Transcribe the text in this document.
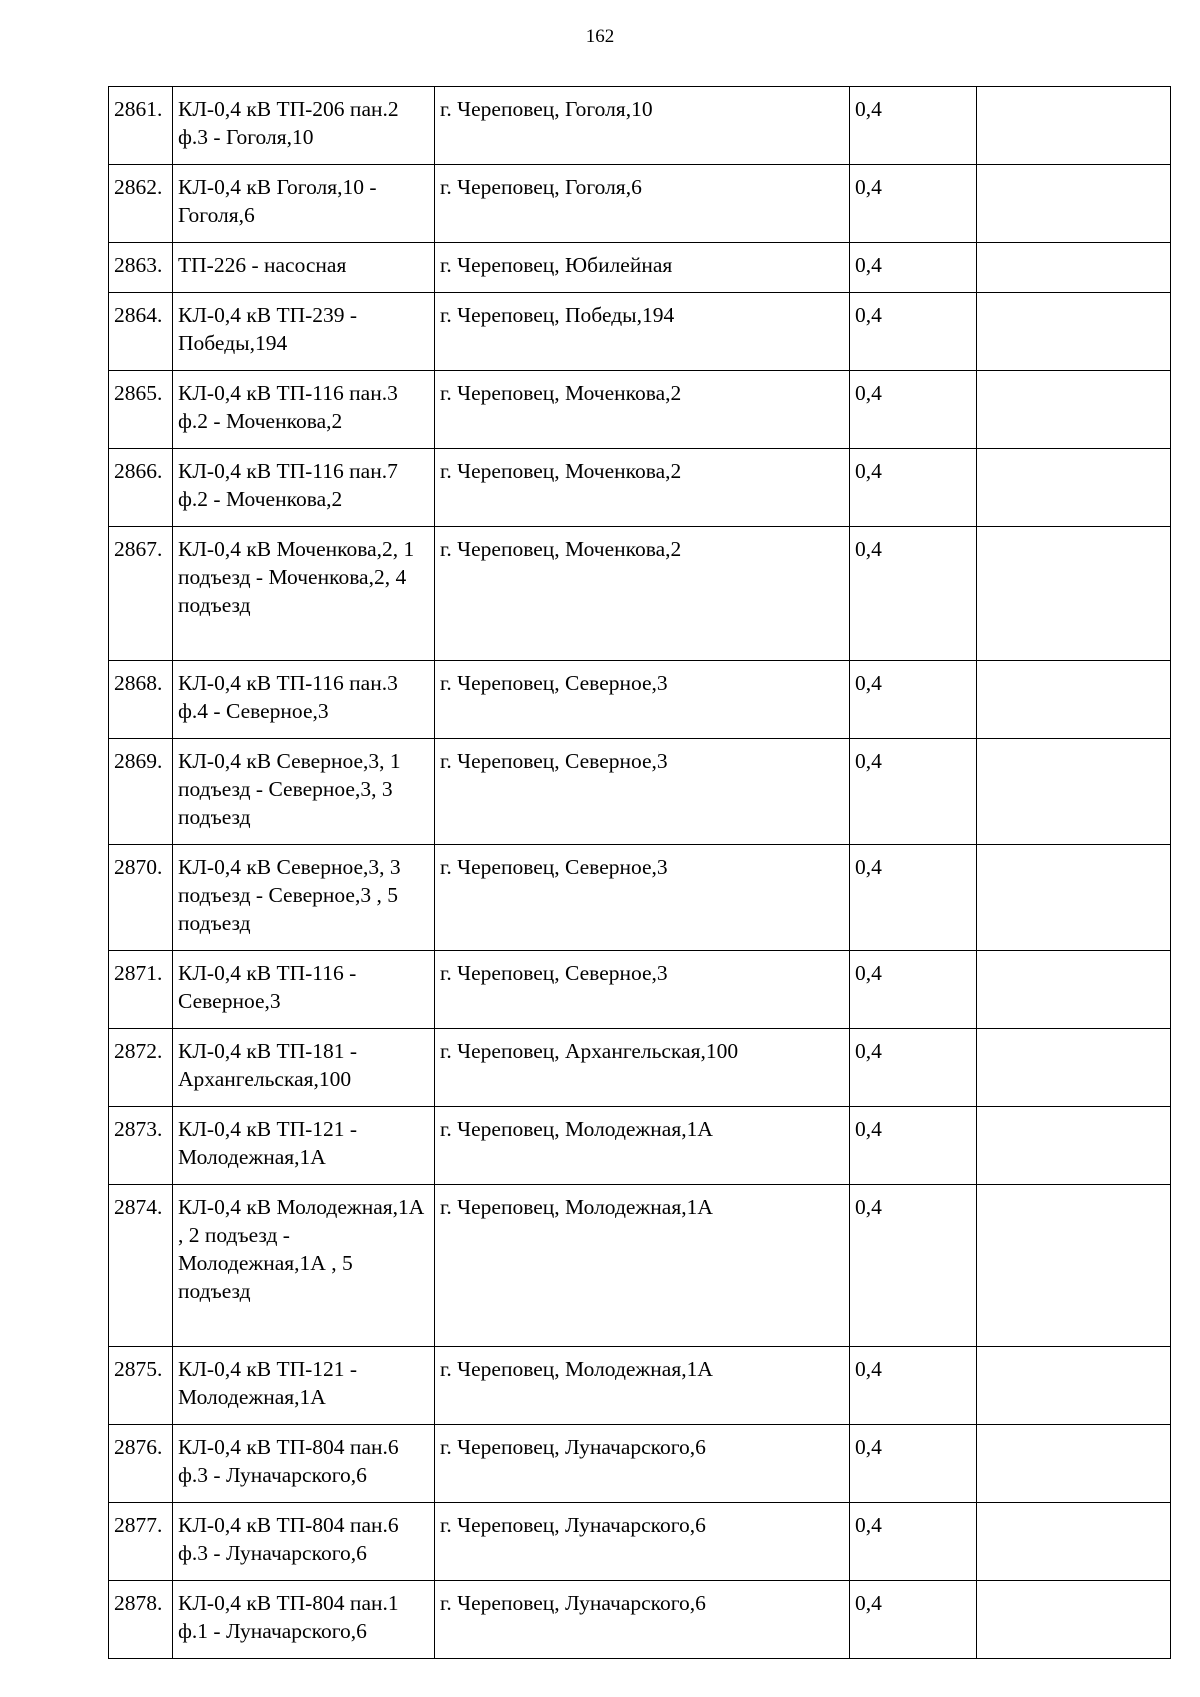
162
2861.	КЛ-0,4 кВ ТП-206 пан.2 ф.3 - Гоголя,10	г. Череповец, Гоголя,10	0,4	
2862.	КЛ-0,4 кВ Гоголя,10 - Гоголя,6	г. Череповец, Гоголя,6	0,4	
2863.	ТП-226 - насосная	г. Череповец, Юбилейная	0,4	
2864.	КЛ-0,4 кВ ТП-239 - Победы,194	г. Череповец, Победы,194	0,4	
2865.	КЛ-0,4 кВ ТП-116 пан.3 ф.2 - Моченкова,2	г. Череповец, Моченкова,2	0,4	
2866.	КЛ-0,4 кВ ТП-116 пан.7 ф.2 - Моченкова,2	г. Череповец, Моченкова,2	0,4	
2867.	КЛ-0,4 кВ Моченкова,2, 1 подъезд - Моченкова,2, 4 подъезд	г. Череповец, Моченкова,2	0,4	
2868.	КЛ-0,4 кВ ТП-116 пан.3 ф.4 - Северное,3	г. Череповец, Северное,3	0,4	
2869.	КЛ-0,4 кВ Северное,3, 1 подъезд - Северное,3, 3 подъезд	г. Череповец, Северное,3	0,4	
2870.	КЛ-0,4 кВ Северное,3, 3 подъезд - Северное,3 , 5 подъезд	г. Череповец, Северное,3	0,4	
2871.	КЛ-0,4 кВ ТП-116 - Северное,3	г. Череповец, Северное,3	0,4	
2872.	КЛ-0,4 кВ ТП-181 - Архангельская,100	г. Череповец, Архангельская,100	0,4	
2873.	КЛ-0,4 кВ ТП-121 - Молодежная,1А	г. Череповец, Молодежная,1А	0,4	
2874.	КЛ-0,4 кВ Молодежная,1А , 2 подъезд - Молодежная,1А , 5 подъезд	г. Череповец, Молодежная,1А	0,4	
2875.	КЛ-0,4 кВ ТП-121 - Молодежная,1А	г. Череповец, Молодежная,1А	0,4	
2876.	КЛ-0,4 кВ ТП-804 пан.6 ф.3 - Луначарского,6	г. Череповец, Луначарского,6	0,4	
2877.	КЛ-0,4 кВ ТП-804 пан.6 ф.3 - Луначарского,6	г. Череповец, Луначарского,6	0,4	
2878.	КЛ-0,4 кВ ТП-804 пан.1 ф.1 - Луначарского,6	г. Череповец, Луначарского,6	0,4	
